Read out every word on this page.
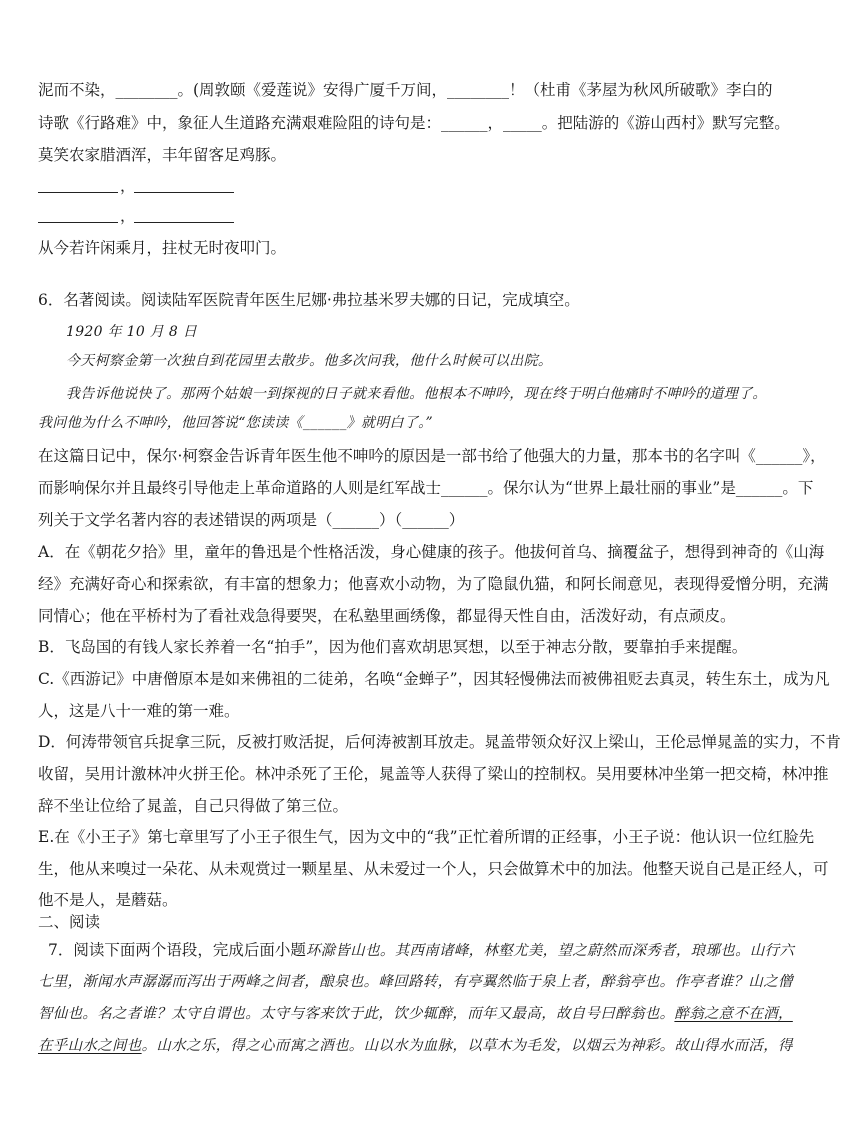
泥而不染，________。(周敦颐《爱莲说》安得广厦千万间，________！（杜甫《茅屋为秋风所破歌》李白的
诗歌《行路难》中，象征人生道路充满艰难险阻的诗句是：______，_____。把陆游的《游山西村》默写完整。
莫笑农家腊酒浑，丰年留客足鸡豚。
，
，
从今若许闲乘月，拄杖无时夜叩门。
6．名著阅读。阅读陆军医院青年医生尼娜·弗拉基米罗夫娜的日记，完成填空。
1920 年 10 月 8 日
今天柯察金第一次独自到花园里去散步。他多次问我，他什么时候可以出院。
我告诉他说快了。那两个姑娘一到探视的日子就来看他。他根本不呻吟，现在终于明白他痛时不呻吟的道理了。
我问他为什么不呻吟，他回答说“您读读《______》就明白了。”
在这篇日记中，保尔·柯察金告诉青年医生他不呻吟的原因是一部书给了他强大的力量，那本书的名字叫《______》，
而影响保尔并且最终引导他走上革命道路的人则是红军战士______。保尔认为“世界上最壮丽的事业”是______。下
列关于文学名著内容的表述错误的两项是（______）（______）
A．在《朝花夕拾》里，童年的鲁迅是个性格活泼，身心健康的孩子。他拔何首乌、摘覆盆子，想得到神奇的《山海
经》充满好奇心和探索欲，有丰富的想象力；他喜欢小动物，为了隐鼠仇猫，和阿长闹意见，表现得爱憎分明，充满
同情心；他在平桥村为了看社戏急得要哭，在私塾里画绣像，都显得天性自由，活泼好动，有点顽皮。
B．飞岛国的有钱人家长养着一名“拍手”，因为他们喜欢胡思冥想，以至于神志分散，要靠拍手来提醒。
C.《西游记》中唐僧原本是如来佛祖的二徒弟，名唤“金蝉子”，因其轻慢佛法而被佛祖贬去真灵，转生东土，成为凡
人，这是八十一难的第一难。
D．何涛带领官兵捉拿三阮，反被打败活捉，后何涛被割耳放走。晁盖带领众好汉上梁山，王伦忌惮晁盖的实力，不肯
收留，吴用计激林冲火拼王伦。林冲杀死了王伦，晁盖等人获得了梁山的控制权。吴用要林冲坐第一把交椅，林冲推
辞不坐让位给了晁盖，自己只得做了第三位。
E.在《小王子》第七章里写了小王子很生气，因为文中的“我”正忙着所谓的正经事，小王子说：他认识一位红脸先
生，他从来嗅过一朵花、从未观赏过一颗星星、从未爱过一个人，只会做算术中的加法。他整天说自己是正经人，可
他不是人，是蘑菇。
二、阅读
7．阅读下面两个语段，完成后面小题环滁皆山也。其西南诸峰，林壑尤美，望之蔚然而深秀者，琅琊也。山行六
七里，渐闻水声潺潺而泻出于两峰之间者，酿泉也。峰回路转，有亭翼然临于泉上者，醉翁亭也。作亭者谁？山之僧
智仙也。名之者谁？太守自谓也。太守与客来饮于此，饮少辄醉，而年又最高，故自号曰醉翁也。醉翁之意不在酒，
在乎山水之间也。山水之乐，得之心而寓之酒也。山以水为血脉，以草木为毛发，以烟云为神彩。故山得水而活，得
